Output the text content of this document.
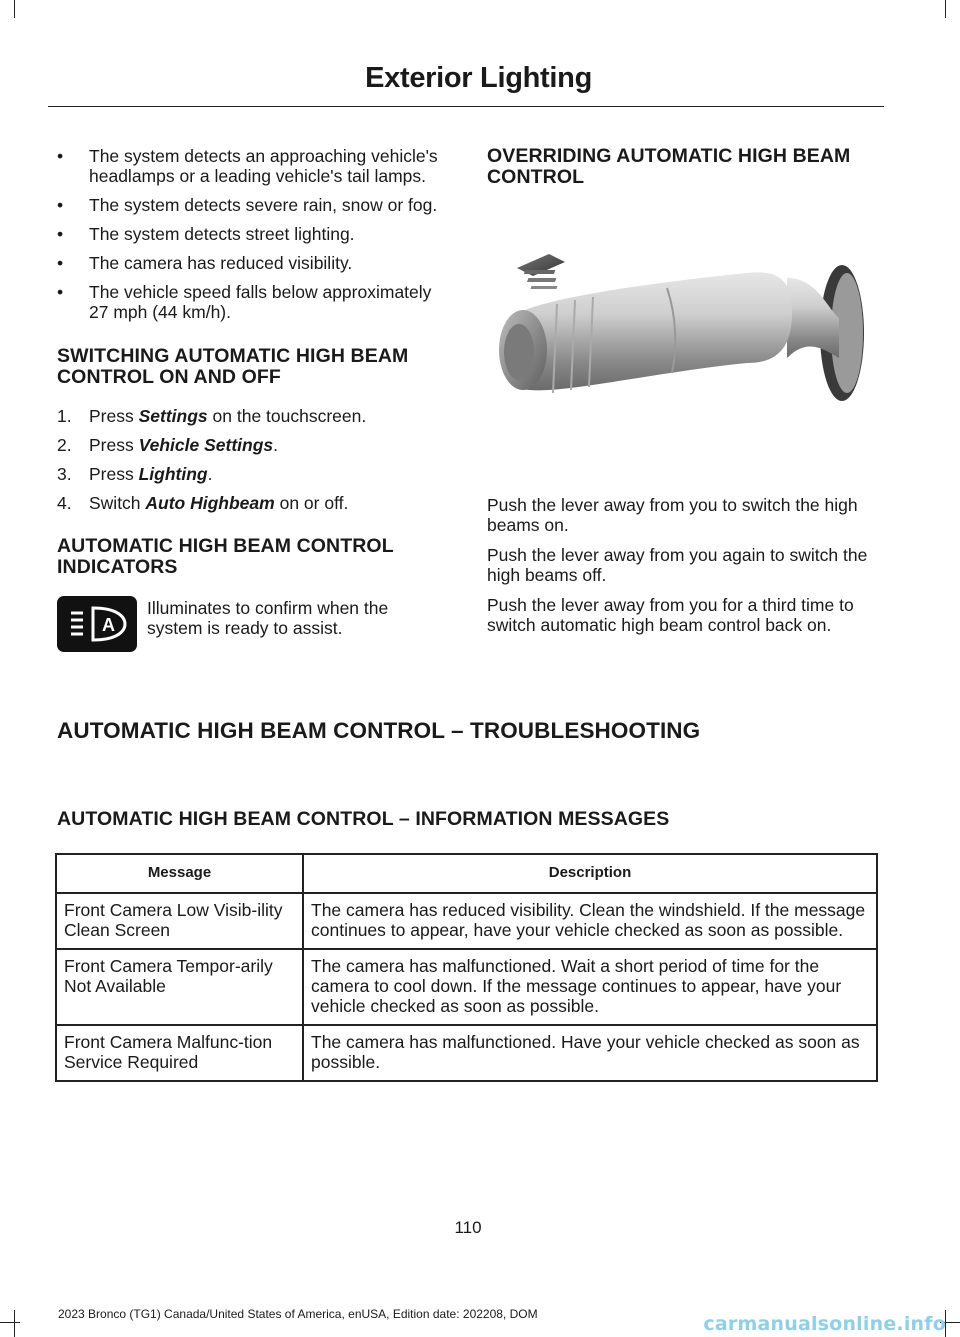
Exterior Lighting
• The system detects an approaching vehicle's headlamps or a leading vehicle's tail lamps.
• The system detects severe rain, snow or fog.
• The system detects street lighting.
• The camera has reduced visibility.
• The vehicle speed falls below approximately 27 mph (44 km/h).
SWITCHING AUTOMATIC HIGH BEAM CONTROL ON AND OFF
1. Press Settings on the touchscreen.
2. Press Vehicle Settings.
3. Press Lighting.
4. Switch Auto Highbeam on or off.
AUTOMATIC HIGH BEAM CONTROL INDICATORS
A
Illuminates to confirm when the system is ready to assist.
OVERRIDING AUTOMATIC HIGH BEAM CONTROL

Push the lever away from you to switch the high beams on.

Push the lever away from you again to switch the high beams off.

Push the lever away from you for a third time to switch automatic high beam control back on.

AUTOMATIC HIGH BEAM CONTROL – TROUBLESHOOTING
AUTOMATIC HIGH BEAM CONTROL – INFORMATION MESSAGES
Message	Description
Front Camera Low Visib-ility Clean Screen	The camera has reduced visibility. Clean the windshield. If the message continues to appear, have your vehicle checked as soon as possible.
Front Camera Tempor-arily Not Available	The camera has malfunctioned. Wait a short period of time for the camera to cool down. If the message continues to appear, have your vehicle checked as soon as possible.
Front Camera Malfunc-tion Service Required	The camera has malfunctioned. Have your vehicle checked as soon as possible.
110
2023 Bronco (TG1) Canada/United States of America, enUSA, Edition date: 202208, DOM	carmanualsonline.info
